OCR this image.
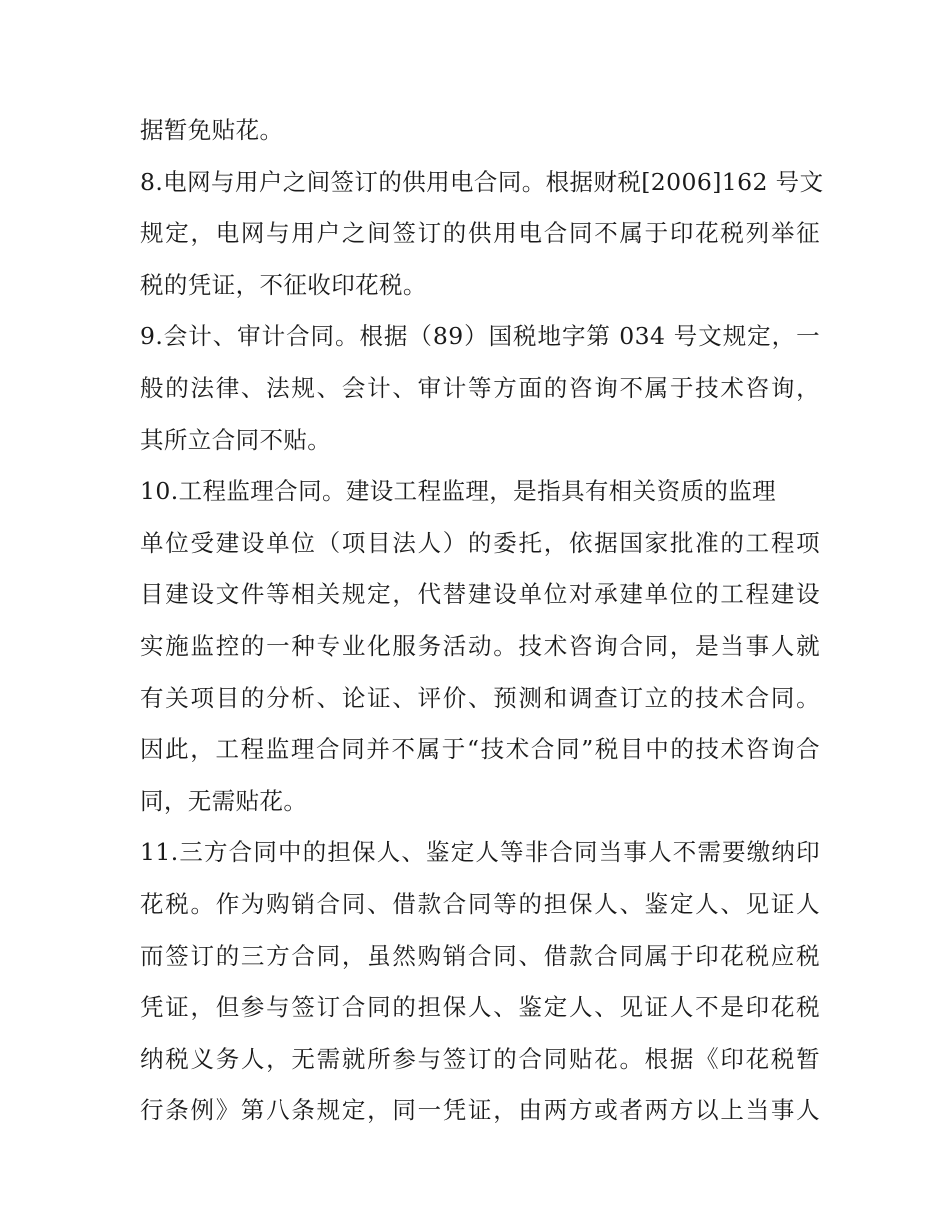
据暂免贴花。
8.电网与用户之间签订的供用电合同。根据财税[2006]162 号文
规定，电网与用户之间签订的供用电合同不属于印花税列举征
税的凭证，不征收印花税。
9.会计、审计合同。根据（89）国税地字第 034 号文规定，一
般的法律、法规、会计、审计等方面的咨询不属于技术咨询，
其所立合同不贴。
10.工程监理合同。建设工程监理，是指具有相关资质的监理
单位受建设单位（项目法人）的委托，依据国家批准的工程项
目建设文件等相关规定，代替建设单位对承建单位的工程建设
实施监控的一种专业化服务活动。技术咨询合同，是当事人就
有关项目的分析、论证、评价、预测和调查订立的技术合同。
因此，工程监理合同并不属于“技术合同”税目中的技术咨询合
同，无需贴花。
11.三方合同中的担保人、鉴定人等非合同当事人不需要缴纳印
花税。作为购销合同、借款合同等的担保人、鉴定人、见证人
而签订的三方合同，虽然购销合同、借款合同属于印花税应税
凭证，但参与签订合同的担保人、鉴定人、见证人不是印花税
纳税义务人，无需就所参与签订的合同贴花。根据《印花税暂
行条例》第八条规定，同一凭证，由两方或者两方以上当事人
